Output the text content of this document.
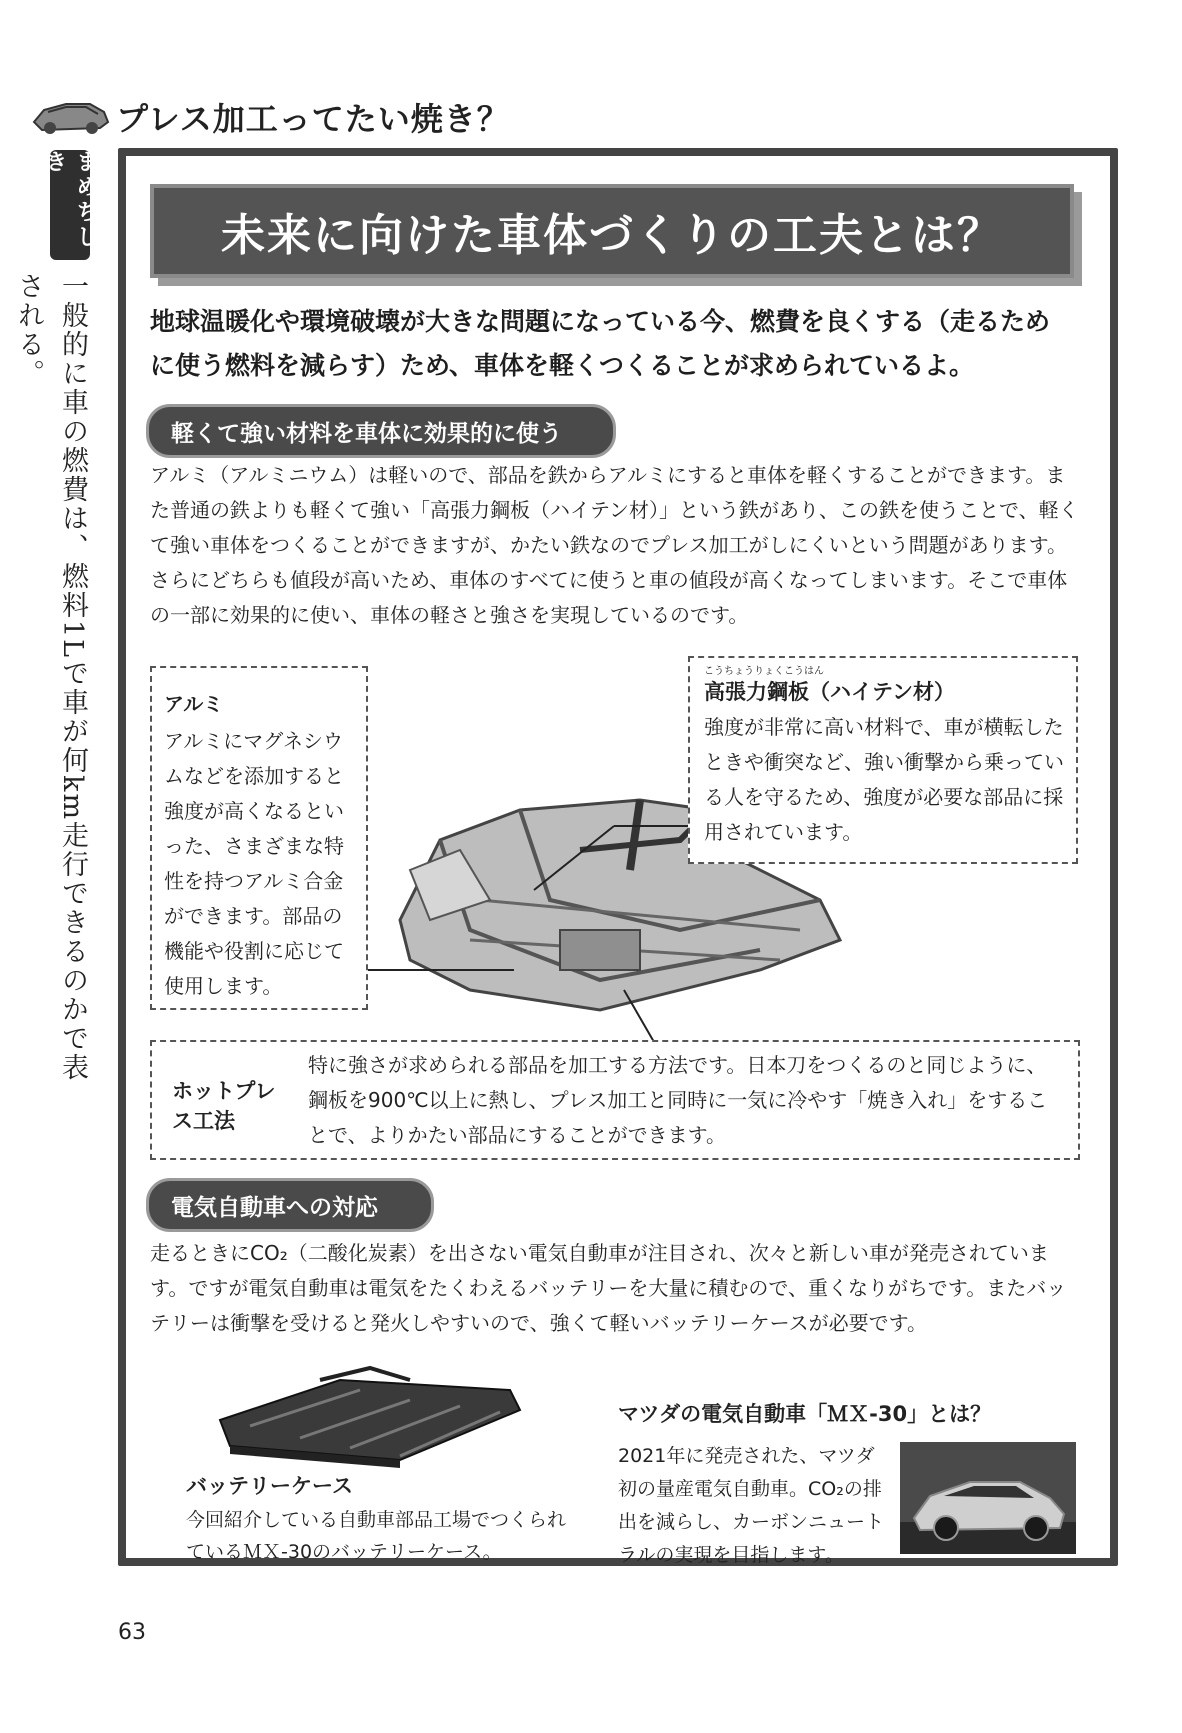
プレス加工ってたい焼き？
まめちしき
一般的に車の燃費は、燃料1Lで車が何km走行できるのかで表される。
未来に向けた車体づくりの工夫とは？
地球温暖化や環境破壊が大きな問題になっている今、燃費を良くする（走るために使う燃料を減らす）ため、車体を軽くつくることが求められているよ。
軽くて強い材料を車体に効果的に使う
アルミ（アルミニウム）は軽いので、部品を鉄からアルミにすると車体を軽くすることができます。また普通の鉄よりも軽くて強い「高張力鋼板（ハイテン材）」という鉄があり、この鉄を使うことで、軽くて強い車体をつくることができますが、かたい鉄なのでプレス加工がしにくいという問題があります。さらにどちらも値段が高いため、車体のすべてに使うと車の値段が高くなってしまいます。そこで車体の一部に効果的に使い、車体の軽さと強さを実現しているのです。
アルミ
アルミにマグネシウムなどを添加すると強度が高くなるといった、さまざまな特性を持つアルミ合金ができます。部品の機能や役割に応じて使用します。
こうちょうりょくこうはん
高張力鋼板（ハイテン材）
強度が非常に高い材料で、車が横転したときや衝突など、強い衝撃から乗っている人を守るため、強度が必要な部品に採用されています。
ホットプレス工法
特に強さが求められる部品を加工する方法です。日本刀をつくるのと同じように、鋼板を900℃以上に熱し、プレス加工と同時に一気に冷やす「焼き入れ」をすることで、よりかたい部品にすることができます。
電気自動車への対応
走るときにCO₂（二酸化炭素）を出さない電気自動車が注目され、次々と新しい車が発売されています。ですが電気自動車は電気をたくわえるバッテリーを大量に積むので、重くなりがちです。またバッテリーは衝撃を受けると発火しやすいので、強くて軽いバッテリーケースが必要です。
バッテリーケース
今回紹介している自動車部品工場でつくられているＭＸ-30のバッテリーケース。
マツダの電気自動車「ＭＸ-30」とは？
2021年に発売された、マツダ初の量産電気自動車。CO₂の排出を減らし、カーボンニュートラルの実現を目指します。
63
